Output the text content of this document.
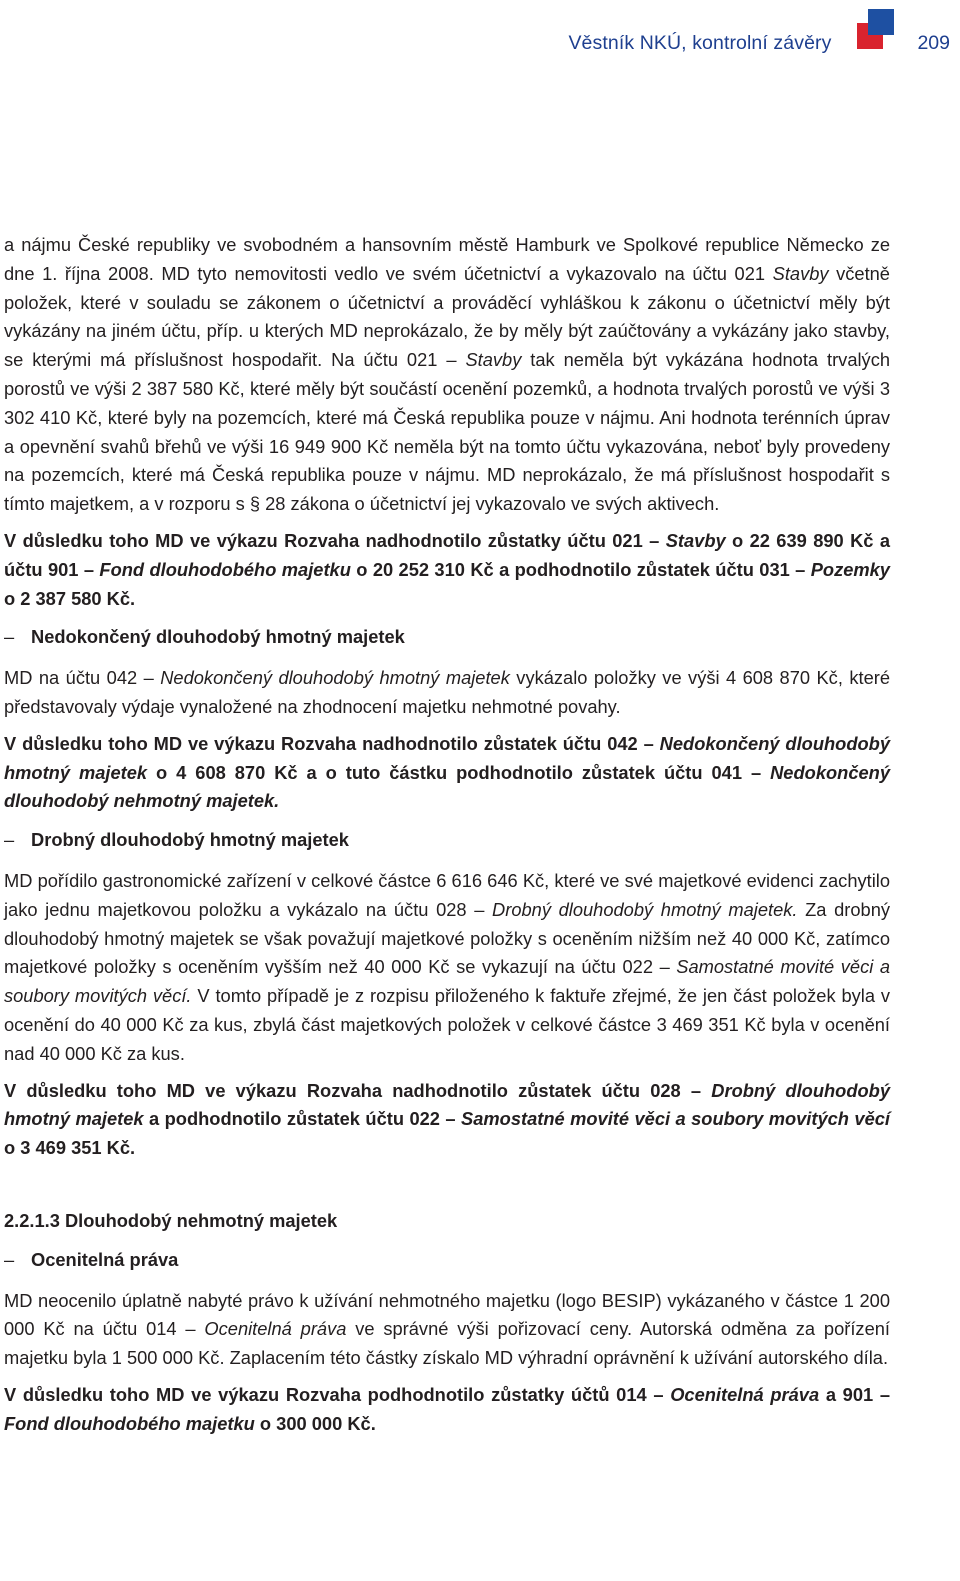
Věstník NKÚ, kontrolní závěry	209

a nájmu České republiky ve svobodném a hansovním městě Hamburk ve Spolkové republice Německo ze dne 1. října 2008. MD tyto nemovitosti vedlo ve svém účetnictví a vykazovalo na účtu 021 Stavby včetně položek, které v souladu se zákonem o účetnictví a prováděcí vyhláškou k zákonu o účetnictví měly být vykázány na jiném účtu, příp. u kterých MD neprokázalo, že by měly být zaúčtovány a vykázány jako stavby, se kterými má příslušnost hospodařit. Na účtu 021 – Stavby tak neměla být vykázána hodnota trvalých porostů ve výši 2 387 580 Kč, které měly být součástí ocenění pozemků, a hodnota trvalých porostů ve výši 3 302 410 Kč, které byly na pozemcích, které má Česká republika pouze v nájmu. Ani hodnota terénních úprav a opevnění svahů břehů ve výši 16 949 900 Kč neměla být na tomto účtu vykazována, neboť byly provedeny na pozemcích, které má Česká republika pouze v nájmu. MD neprokázalo, že má příslušnost hospodařit s tímto majetkem, a v rozporu s § 28 zákona o účetnictví jej vykazovalo ve svých aktivech.

V důsledku toho MD ve výkazu Rozvaha nadhodnotilo zůstatky účtu 021 – Stavby o 22 639 890 Kč a účtu 901 – Fond dlouhodobého majetku o 20 252 310 Kč a podhodnotilo zůstatek účtu 031 – Pozemky o 2 387 580 Kč.

– Nedokončený dlouhodobý hmotný majetek

MD na účtu 042 – Nedokončený dlouhodobý hmotný majetek vykázalo položky ve výši 4 608 870 Kč, které představovaly výdaje vynaložené na zhodnocení majetku nehmotné povahy.

V důsledku toho MD ve výkazu Rozvaha nadhodnotilo zůstatek účtu 042 – Nedokončený dlouhodobý hmotný majetek o 4 608 870 Kč a o tuto částku podhodnotilo zůstatek účtu 041 – Nedokončený dlouhodobý nehmotný majetek.

– Drobný dlouhodobý hmotný majetek

MD pořídilo gastronomické zařízení v celkové částce 6 616 646 Kč, které ve své majetkové evidenci zachytilo jako jednu majetkovou položku a vykázalo na účtu 028 – Drobný dlouhodobý hmotný majetek. Za drobný dlouhodobý hmotný majetek se však považují majetkové položky s oceněním nižším než 40 000 Kč, zatímco majetkové položky s oceněním vyšším než 40 000 Kč se vykazují na účtu 022 – Samostatné movité věci a soubory movitých věcí. V tomto případě je z rozpisu přiloženého k faktuře zřejmé, že jen část položek byla v ocenění do 40 000 Kč za kus, zbylá část majetkových položek v celkové částce 3 469 351 Kč byla v ocenění nad 40 000 Kč za kus.

V důsledku toho MD ve výkazu Rozvaha nadhodnotilo zůstatek účtu 028 – Drobný dlouhodobý hmotný majetek a podhodnotilo zůstatek účtu 022 – Samostatné movité věci a soubory movitých věcí o 3 469 351 Kč.

2.2.1.3 Dlouhodobý nehmotný majetek
– Ocenitelná práva

MD neocenilo úplatně nabyté právo k užívání nehmotného majetku (logo BESIP) vykázaného v částce 1 200 000 Kč na účtu 014 – Ocenitelná práva ve správné výši pořizovací ceny. Autorská odměna za pořízení majetku byla 1 500 000 Kč. Zaplacením této částky získalo MD výhradní oprávnění k užívání autorského díla.

V důsledku toho MD ve výkazu Rozvaha podhodnotilo zůstatky účtů 014 – Ocenitelná práva a 901 – Fond dlouhodobého majetku o 300 000 Kč.
